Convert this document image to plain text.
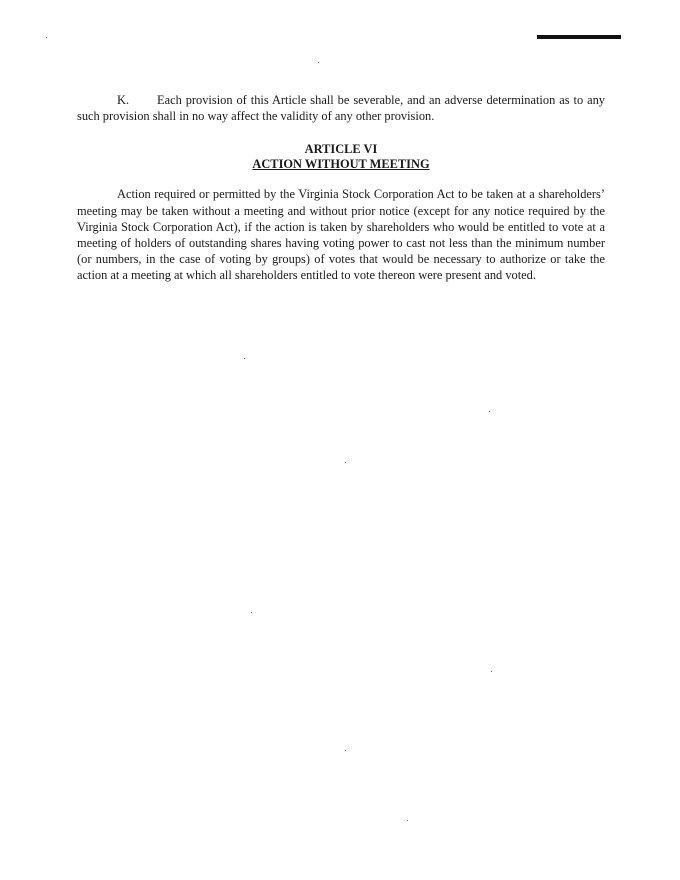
K. Each provision of this Article shall be severable, and an adverse determination as to any such provision shall in no way affect the validity of any other provision.

ARTICLE VI

ACTION WITHOUT MEETING

Action required or permitted by the Virginia Stock Corporation Act to be taken at a shareholders’ meeting may be taken without a meeting and without prior notice (except for any notice required by the Virginia Stock Corporation Act), if the action is taken by shareholders who would be entitled to vote at a meeting of holders of outstanding shares having voting power to cast not less than the minimum number (or numbers, in the case of voting by groups) of votes that would be necessary to authorize or take the action at a meeting at which all shareholders entitled to vote thereon were present and voted.
